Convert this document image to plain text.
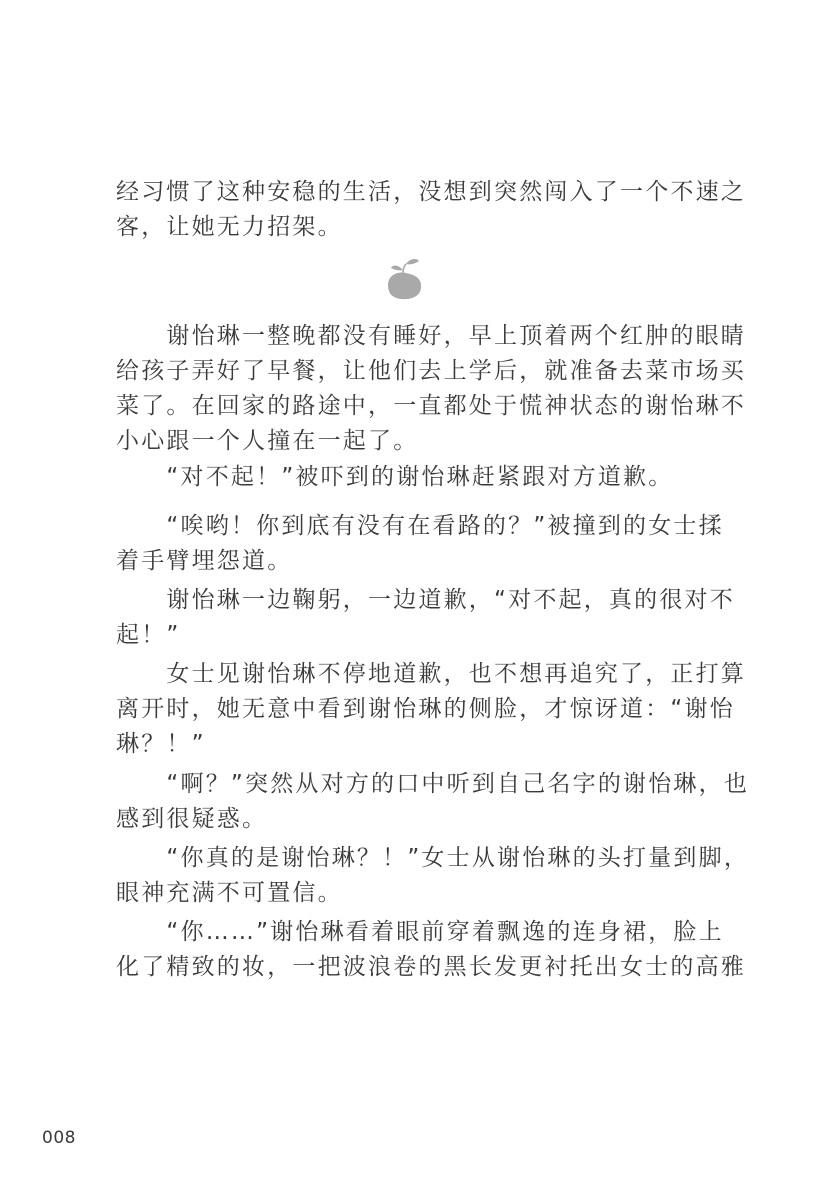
经习惯了这种安稳的生活，没想到突然闯入了一个不速之
客，让她无力招架。
　　谢怡琳一整晚都没有睡好，早上顶着两个红肿的眼睛
给孩子弄好了早餐，让他们去上学后，就准备去菜市场买
菜了。在回家的路途中，一直都处于慌神状态的谢怡琳不
小心跟一个人撞在一起了。
　　“对不起！”被吓到的谢怡琳赶紧跟对方道歉。
　　“唉哟！你到底有没有在看路的？”被撞到的女士揉
着手臂埋怨道。
　　谢怡琳一边鞠躬，一边道歉，“对不起，真的很对不
起！”
　　女士见谢怡琳不停地道歉，也不想再追究了，正打算
离开时，她无意中看到谢怡琳的侧脸，才惊讶道：“谢怡
琳？！”
　　“啊？”突然从对方的口中听到自己名字的谢怡琳，也
感到很疑惑。
　　“你真的是谢怡琳？！”女士从谢怡琳的头打量到脚，
眼神充满不可置信。
　　“你……”谢怡琳看着眼前穿着飘逸的连身裙，脸上
化了精致的妆，一把波浪卷的黑长发更衬托出女士的高雅
008
